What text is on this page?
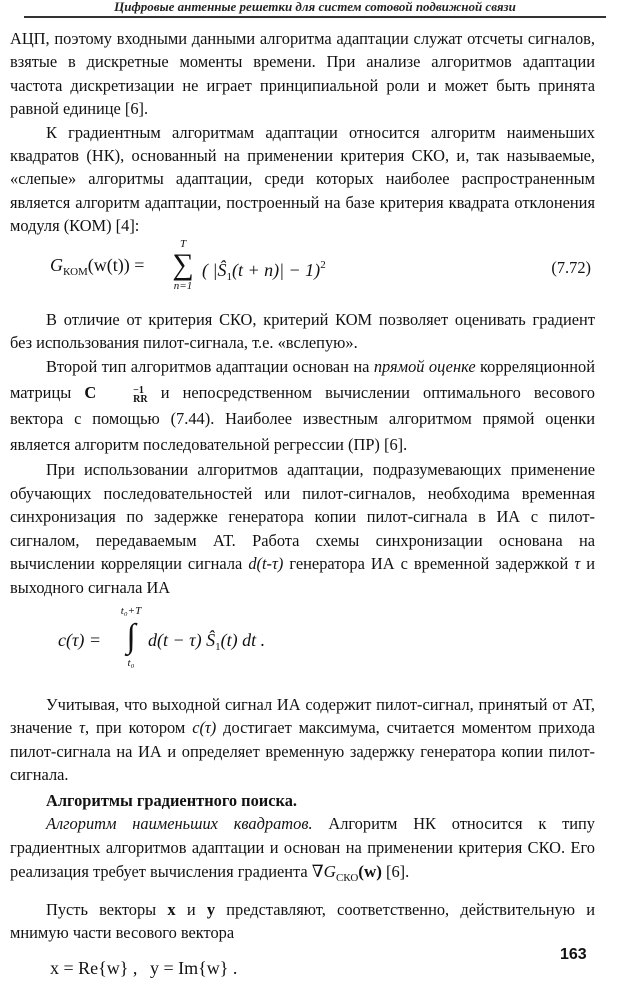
Цифровые антенные решетки для систем сотовой подвижной связи

АЦП, поэтому входными данными алгоритма адаптации служат отсчеты сигналов, взятые в дискретные моменты времени. При анализе алгоритмов адаптации частота дискретизации не играет принципиальной роли и может быть принята равной единице [6].

К градиентным алгоритмам адаптации относится алгоритм наименьших квадратов (НК), основанный на применении критерия СКО, и, так называемые, «слепые» алгоритмы адаптации, среди которых наиболее распространенным является алгоритм адаптации, построенный на базе критерия квадрата отклонения модуля (КОМ) [4]:

$G_{КОМ}(w(t))$ =
T
∑
n=1
( $|Ŝ_1(t + n)| - 1)^2$	(7.72)

В отличие от критерия СКО, критерий КОМ позволяет оценивать градиент без использования пилот-сигнала, т.е. «вслепую».

Второй тип алгоритмов адаптации основан на прямой оценке корреляционной матрицы C	−1
RR и непосредственном вычислении оптимального весового вектора с помощью (7.44). Наиболее известным алгоритмом прямой оценки является алгоритм последовательной регрессии (ПР) [6].

При использовании алгоритмов адаптации, подразумевающих применение обучающих последовательностей или пилот-сигналов, необходима временная синхронизация по задержке генератора копии пилот-сигнала в ИА с пилот-сигналом, передаваемым АТ. Работа схемы синхронизации основана на вычислении корреляции сигнала d(t-τ) генератора ИА с временной задержкой τ и выходного сигнала ИА

c(τ) =
t₀+T
∫
t₀
d(t − τ) $Ŝ_1(t)$ dt .

Учитывая, что выходной сигнал ИА содержит пилот-сигнал, принятый от АТ, значение τ, при котором c(τ) достигает максимума, считается моментом прихода пилот-сигнала на ИА и определяет временную задержку генератора копии пилот-сигнала.

Алгоритмы градиентного поиска.

Алгоритм наименьших квадратов. Алгоритм НК относится к типу градиентных алгоритмов адаптации и основан на применении критерия СКО. Его реализация требует вычисления градиента $\nabla G_{СКО}(w)$ [6].

Пусть векторы x и y представляют, соответственно, действительную и мнимую части весового вектора

x = Re{w} , y = Im{w} .
163
